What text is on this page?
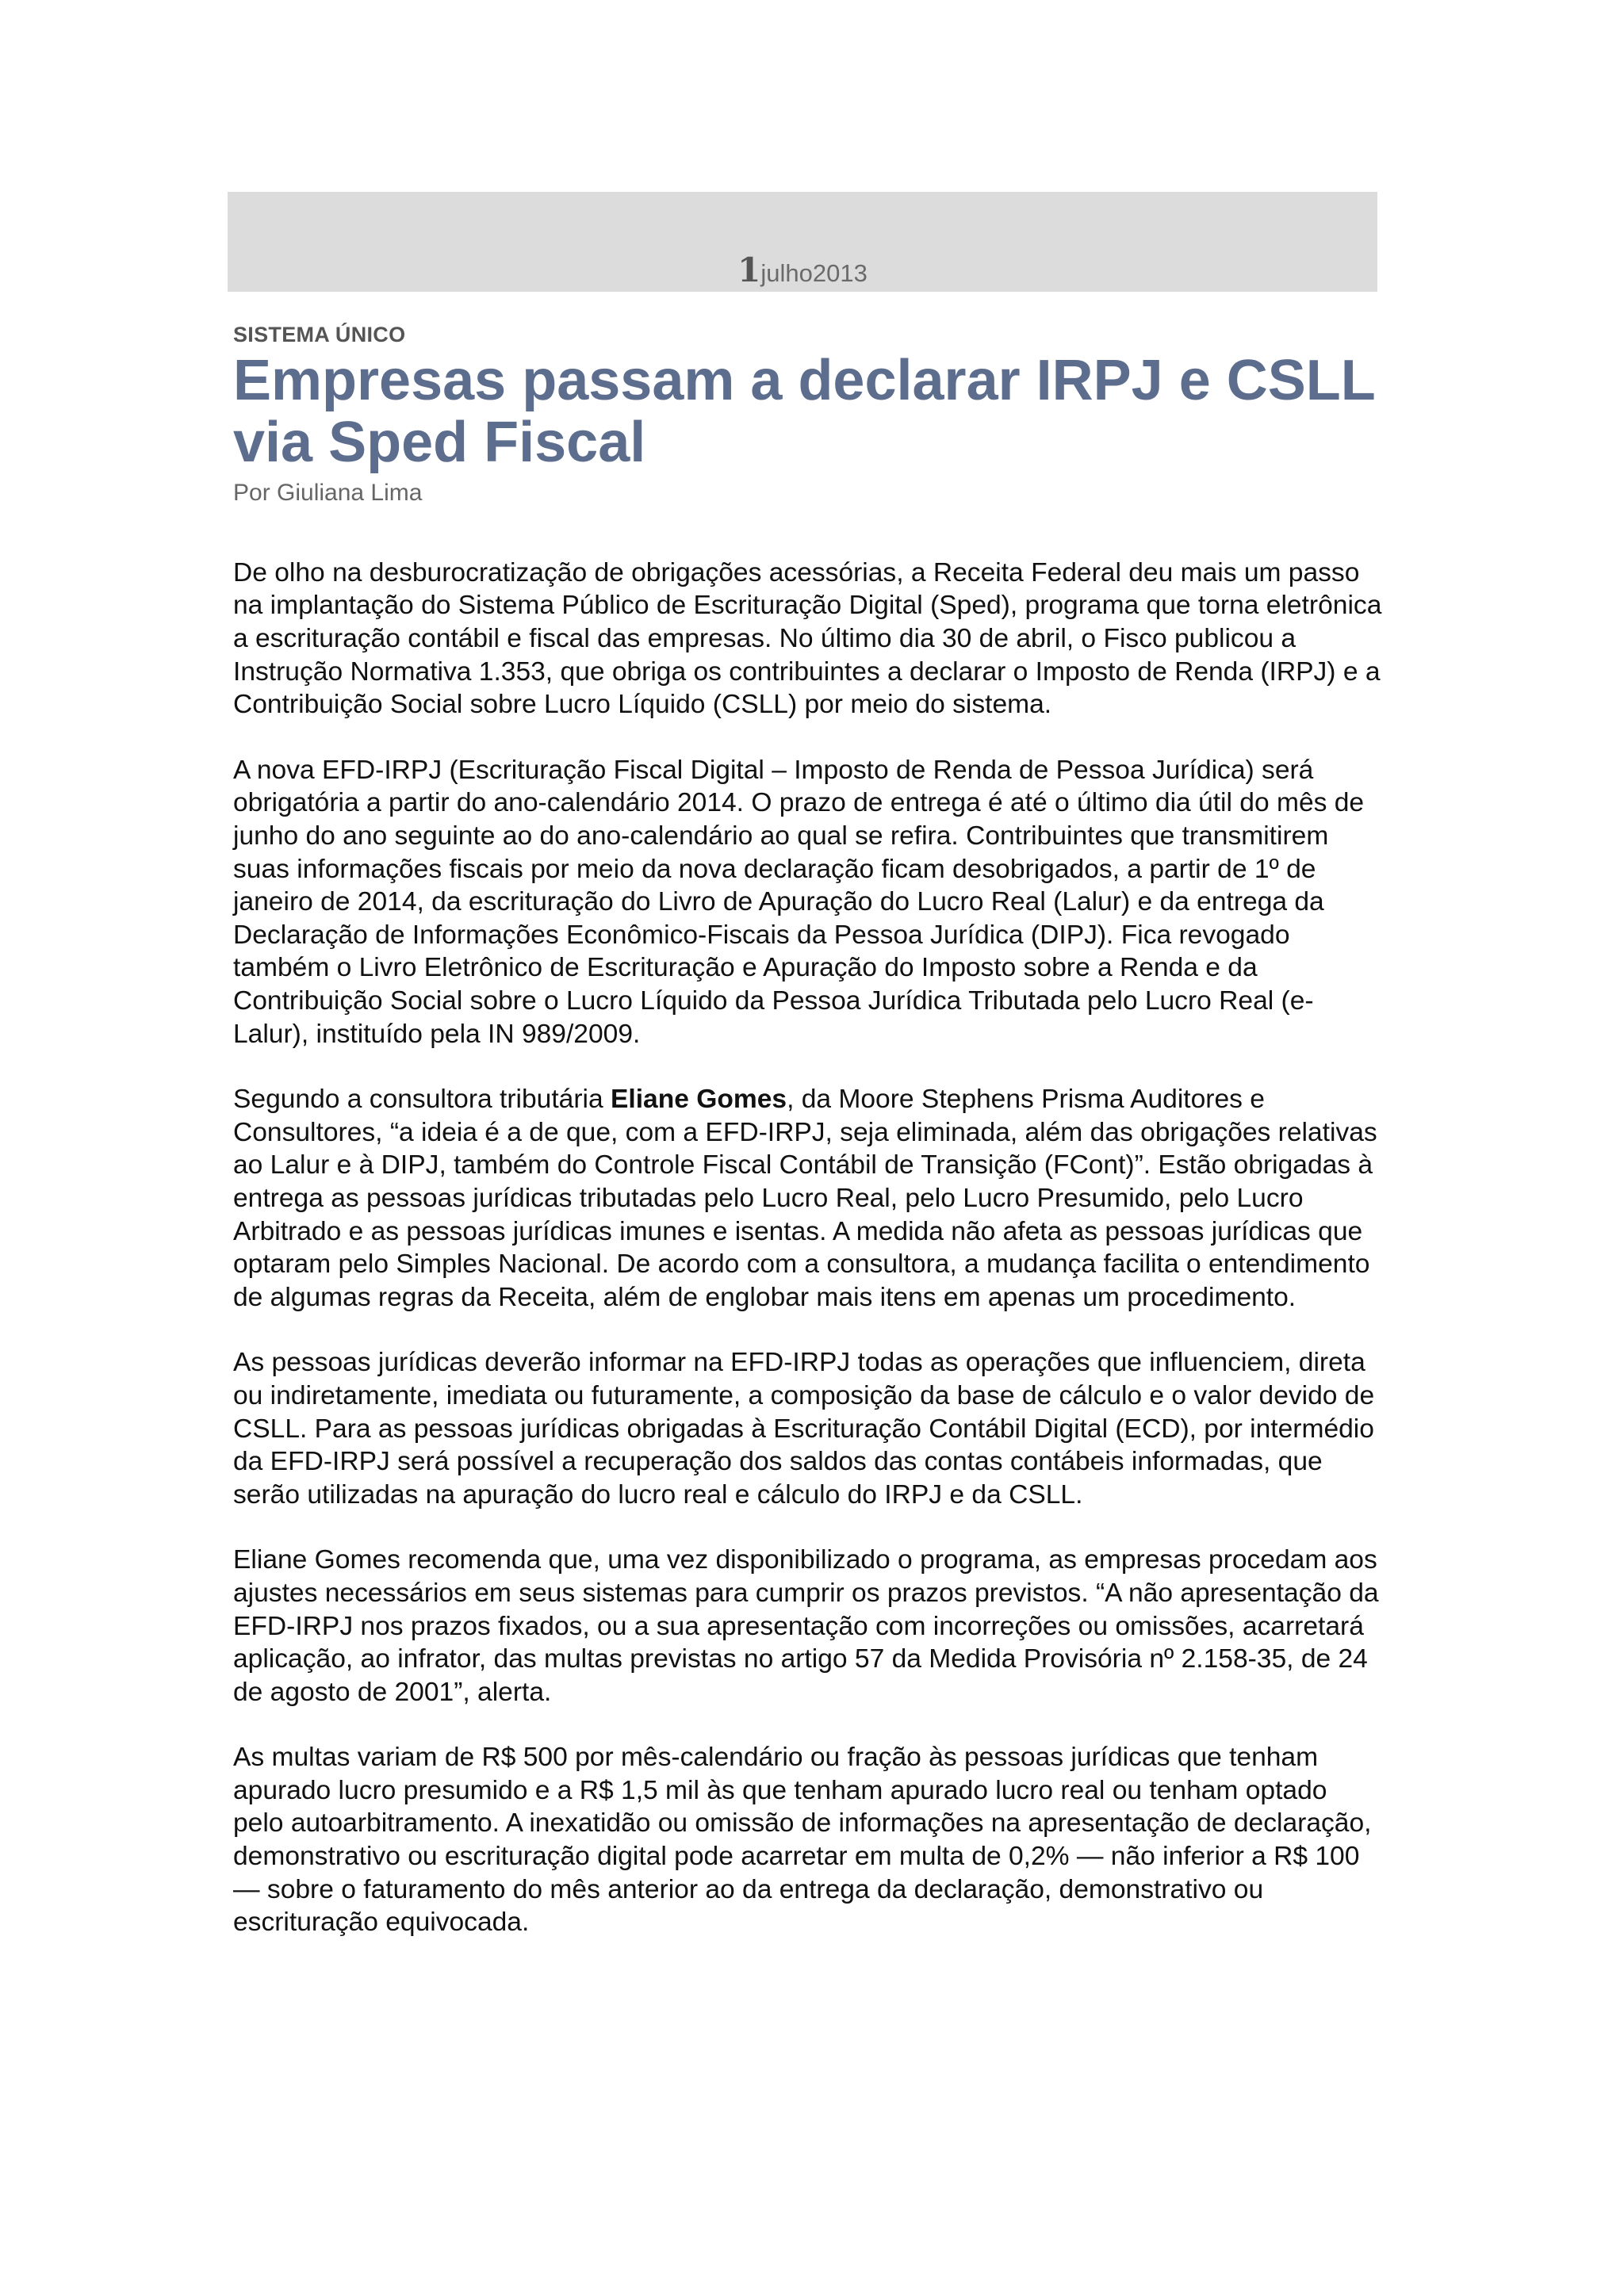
1julho2013

SISTEMA ÚNICO

Empresas passam a declarar IRPJ e CSLL via Sped Fiscal

Por Giuliana Lima

De olho na desburocratização de obrigações acessórias, a Receita Federal deu mais um passo na implantação do Sistema Público de Escrituração Digital (Sped), programa que torna eletrônica a escrituração contábil e fiscal das empresas. No último dia 30 de abril, o Fisco publicou a Instrução Normativa 1.353, que obriga os contribuintes a declarar o Imposto de Renda (IRPJ) e a Contribuição Social sobre Lucro Líquido (CSLL) por meio do sistema.

A nova EFD-IRPJ (Escrituração Fiscal Digital – Imposto de Renda de Pessoa Jurídica) será obrigatória a partir do ano-calendário 2014. O prazo de entrega é até o último dia útil do mês de junho do ano seguinte ao do ano-calendário ao qual se refira. Contribuintes que transmitirem suas informações fiscais por meio da nova declaração ficam desobrigados, a partir de 1º de janeiro de 2014, da escrituração do Livro de Apuração do Lucro Real (Lalur) e da entrega da Declaração de Informações Econômico-Fiscais da Pessoa Jurídica (DIPJ). Fica revogado também o Livro Eletrônico de Escrituração e Apuração do Imposto sobre a Renda e da Contribuição Social sobre o Lucro Líquido da Pessoa Jurídica Tributada pelo Lucro Real (e-Lalur), instituído pela IN 989/2009.

Segundo a consultora tributária Eliane Gomes, da Moore Stephens Prisma Auditores e Consultores, “a ideia é a de que, com a EFD-IRPJ, seja eliminada, além das obrigações relativas ao Lalur e à DIPJ, também do Controle Fiscal Contábil de Transição (FCont)”. Estão obrigadas à entrega as pessoas jurídicas tributadas pelo Lucro Real, pelo Lucro Presumido, pelo Lucro Arbitrado e as pessoas jurídicas imunes e isentas. A medida não afeta as pessoas jurídicas que optaram pelo Simples Nacional. De acordo com a consultora, a mudança facilita o entendimento de algumas regras da Receita, além de englobar mais itens em apenas um procedimento.

As pessoas jurídicas deverão informar na EFD-IRPJ todas as operações que influenciem, direta ou indiretamente, imediata ou futuramente, a composição da base de cálculo e o valor devido de CSLL. Para as pessoas jurídicas obrigadas à Escrituração Contábil Digital (ECD), por intermédio da EFD-IRPJ será possível a recuperação dos saldos das contas contábeis informadas, que serão utilizadas na apuração do lucro real e cálculo do IRPJ e da CSLL.

Eliane Gomes recomenda que, uma vez disponibilizado o programa, as empresas procedam aos ajustes necessários em seus sistemas para cumprir os prazos previstos. “A não apresentação da EFD-IRPJ nos prazos fixados, ou a sua apresentação com incorreções ou omissões, acarretará aplicação, ao infrator, das multas previstas no artigo 57 da Medida Provisória nº 2.158-35, de 24 de agosto de 2001”, alerta.

As multas variam de R$ 500 por mês-calendário ou fração às pessoas jurídicas que tenham apurado lucro presumido e a R$ 1,5 mil às que tenham apurado lucro real ou tenham optado pelo autoarbitramento. A inexatidão ou omissão de informações na apresentação de declaração, demonstrativo ou escrituração digital pode acarretar em multa de 0,2% — não inferior a R$ 100 — sobre o faturamento do mês anterior ao da entrega da declaração, demonstrativo ou escrituração equivocada.
